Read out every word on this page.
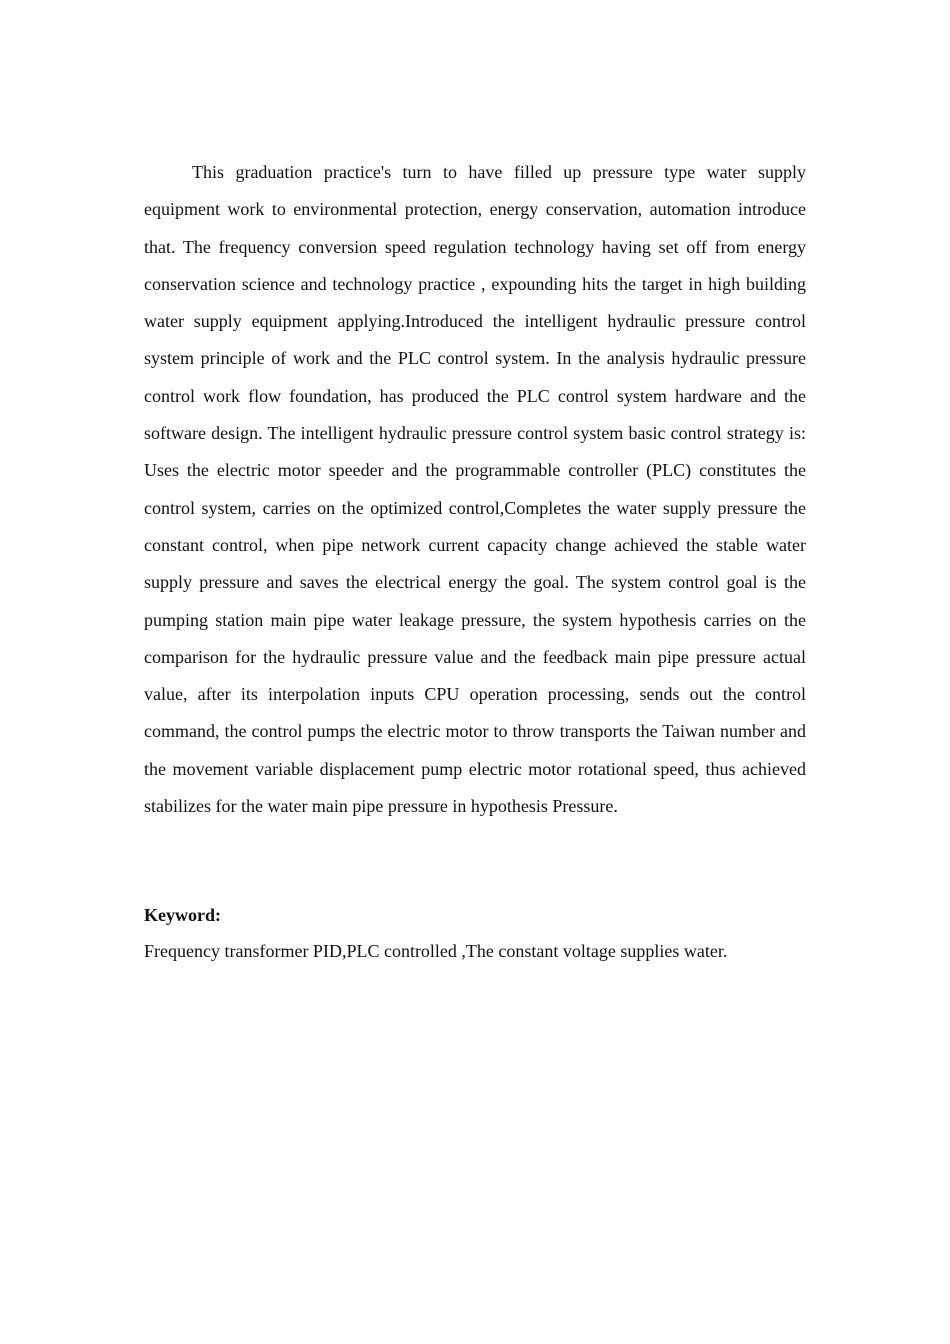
This graduation practice's turn to have filled up pressure type water supply equipment work to environmental protection, energy conservation, automation introduce that. The frequency conversion speed regulation technology having set off from energy conservation science and technology practice , expounding hits the target in high building water supply equipment applying.Introduced the intelligent hydraulic pressure control system principle of work and the PLC control system. In the analysis hydraulic pressure control work flow foundation, has produced the PLC control system hardware and the software design. The intelligent hydraulic pressure control system basic control strategy is: Uses the electric motor speeder and the programmable controller (PLC) constitutes the control system, carries on the optimized control,Completes the water supply pressure the constant control, when pipe network current capacity change achieved the stable water supply pressure and saves the electrical energy the goal. The system control goal is the pumping station main pipe water leakage pressure, the system hypothesis carries on the comparison for the hydraulic pressure value and the feedback main pipe pressure actual value, after its interpolation inputs CPU operation processing, sends out the control command, the control pumps the electric motor to throw transports the Taiwan number and the movement variable displacement pump electric motor rotational speed, thus achieved stabilizes for the water main pipe pressure in hypothesis Pressure.

Keyword:

Frequency transformer PID,PLC controlled ,The constant voltage supplies water.
